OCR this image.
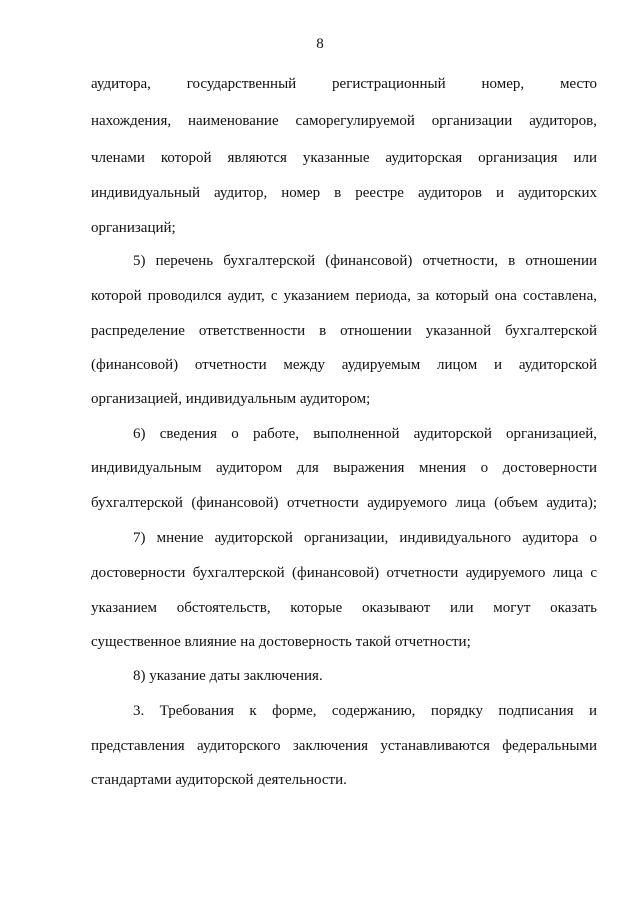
8
аудитора, государственный регистрационный номер, место
нахождения, наименование саморегулируемой организации аудиторов,
членами которой являются указанные аудиторская организация или
индивидуальный аудитор, номер в реестре аудиторов и аудиторских
организаций;
5) перечень бухгалтерской (финансовой) отчетности, в отношении
которой проводился аудит, с указанием периода, за который она составлена,
распределение ответственности в отношении указанной бухгалтерской
(финансовой) отчетности между аудируемым лицом и аудиторской
организацией, индивидуальным аудитором;
6) сведения о работе, выполненной аудиторской организацией,
индивидуальным аудитором для выражения мнения о достоверности
бухгалтерской (финансовой) отчетности аудируемого лица (объем аудита);
7) мнение аудиторской организации, индивидуального аудитора о
достоверности бухгалтерской (финансовой) отчетности аудируемого лица с
указанием обстоятельств, которые оказывают или могут оказать
существенное влияние на достоверность такой отчетности;
8) указание даты заключения.
3. Требования к форме, содержанию, порядку подписания и
представления аудиторского заключения устанавливаются федеральными
стандартами аудиторской деятельности.
